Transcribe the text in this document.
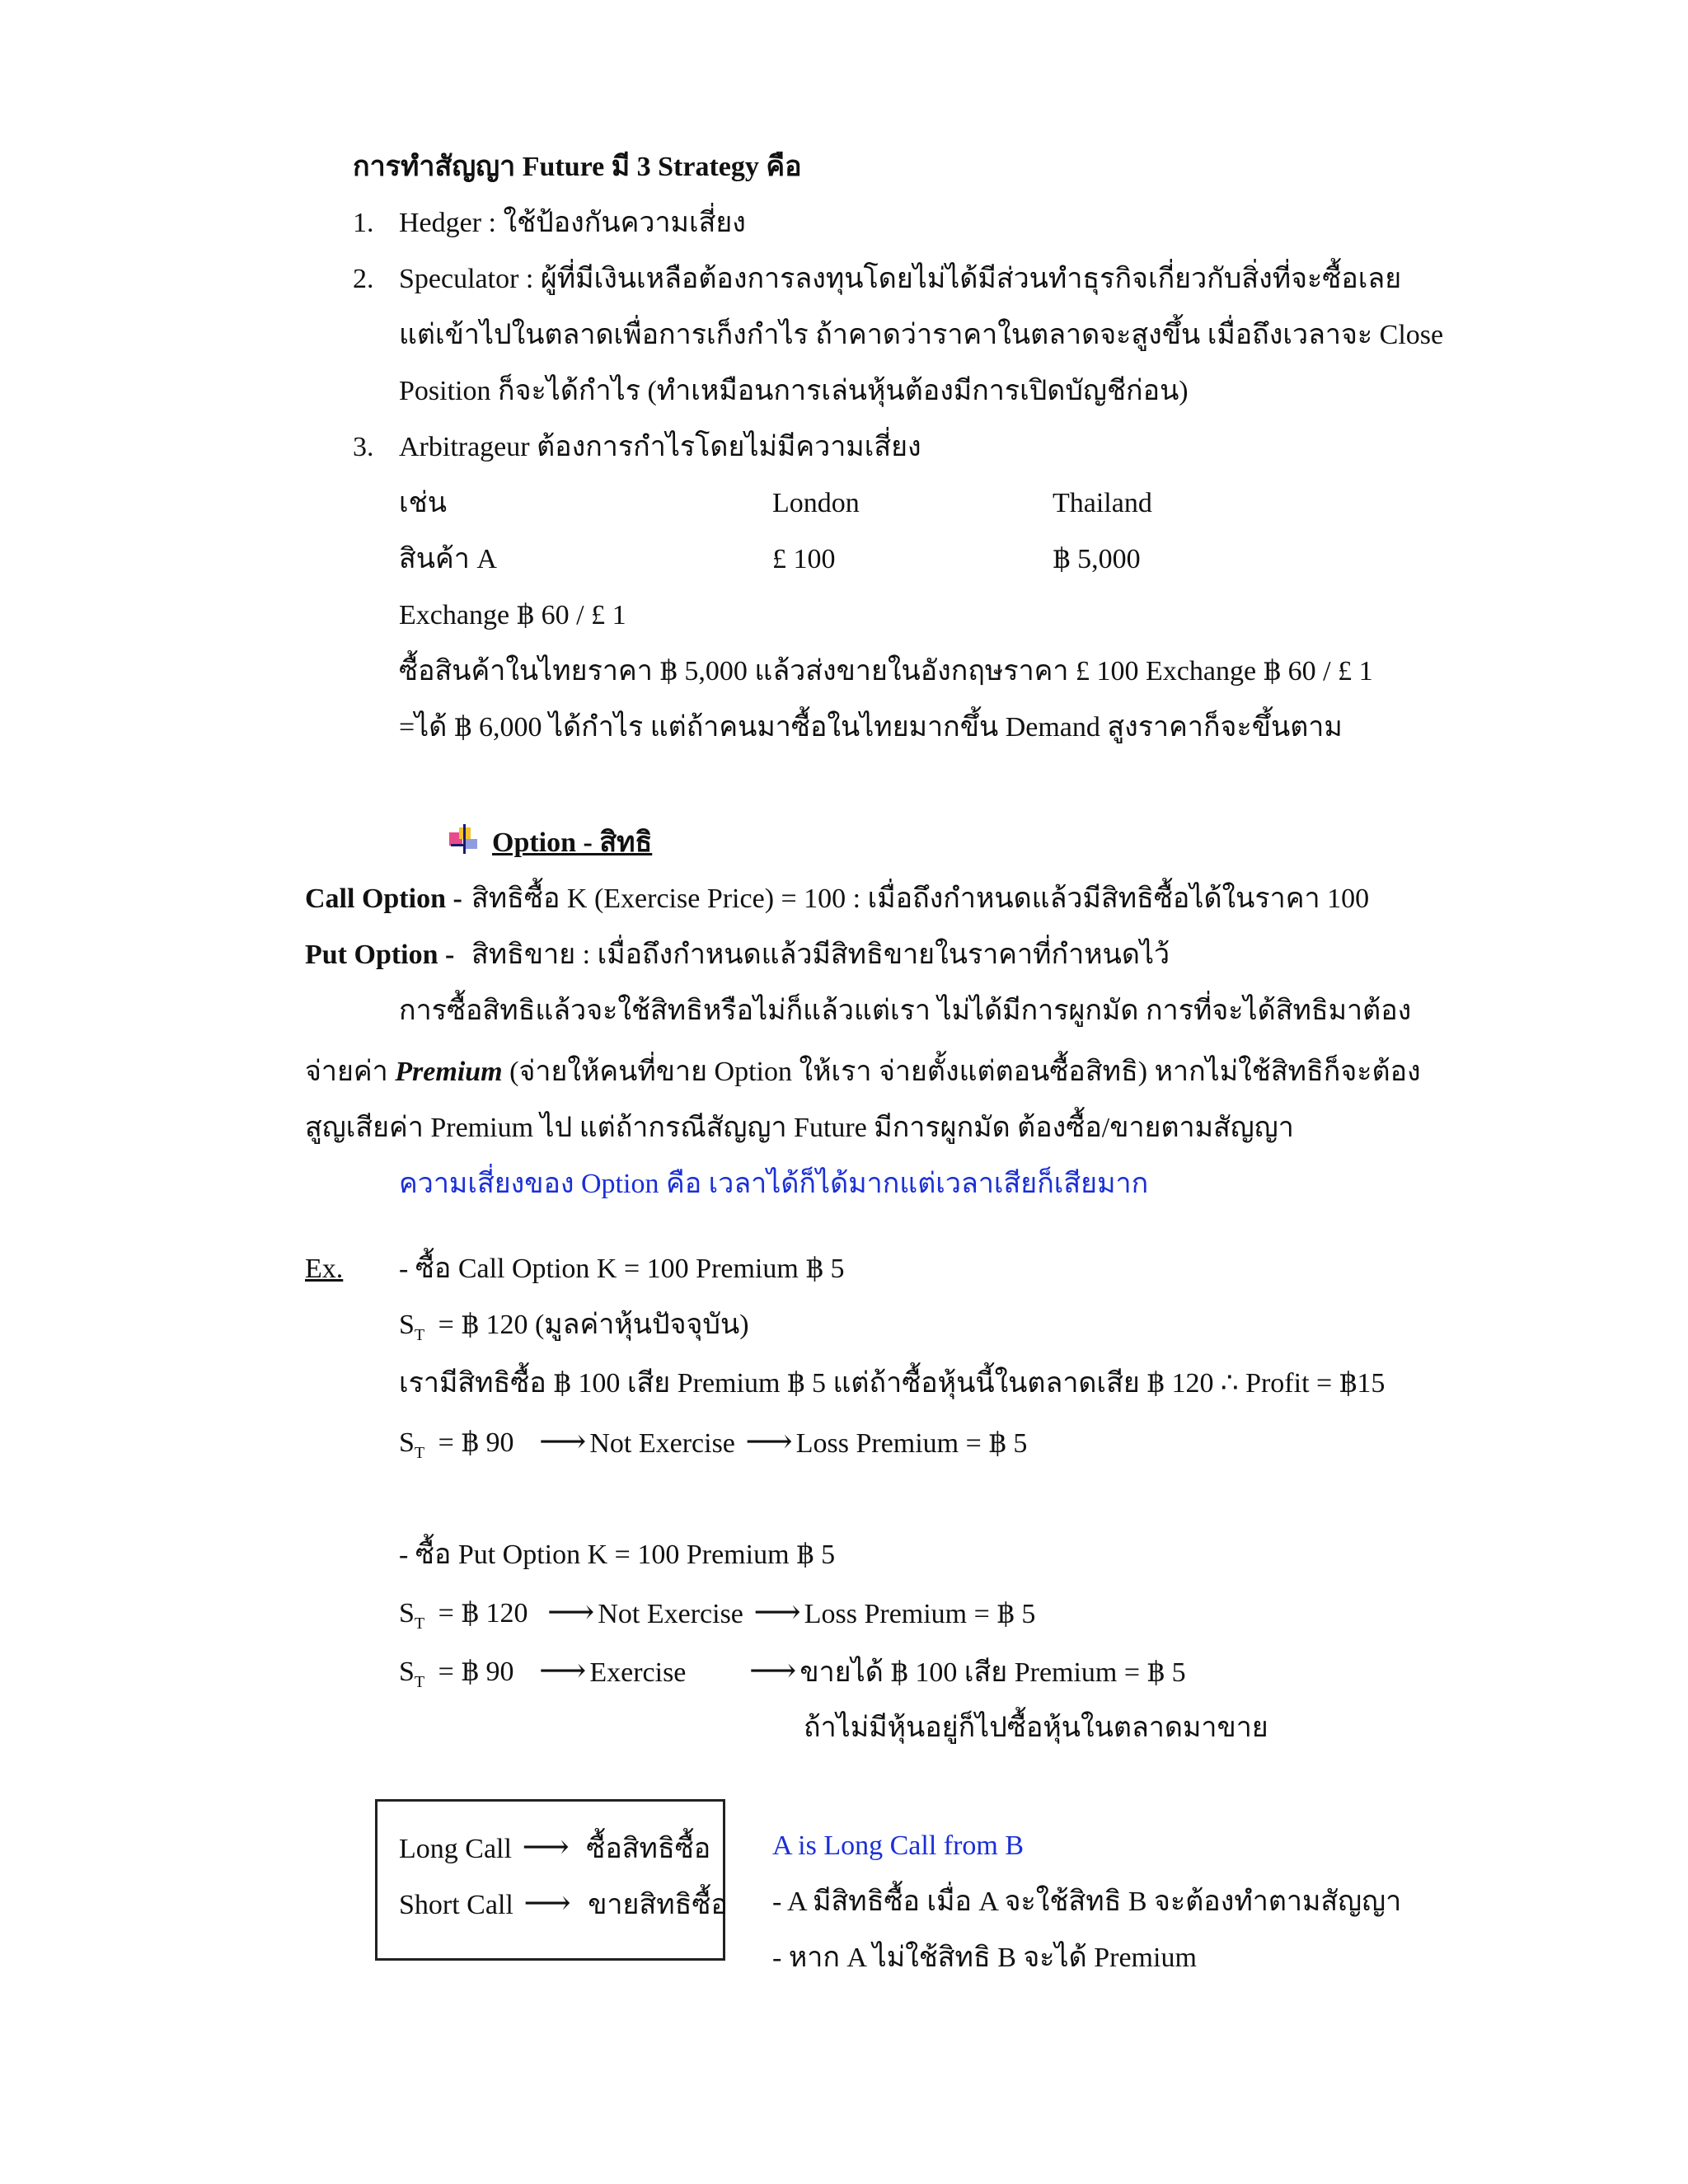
การทำสัญญา Future มี 3 Strategy คือ
1. Hedger : ใช้ป้องกันความเสี่ยง
2. Speculator : ผู้ที่มีเงินเหลือต้องการลงทุนโดยไม่ได้มีส่วนทำธุรกิจเกี่ยวกับสิ่งที่จะซื้อเลย
แต่เข้าไปในตลาดเพื่อการเก็งกำไร ถ้าคาดว่าราคาในตลาดจะสูงขึ้น เมื่อถึงเวลาจะ Close
Position ก็จะได้กำไร (ทำเหมือนการเล่นหุ้นต้องมีการเปิดบัญชีก่อน)
3. Arbitrageur ต้องการกำไรโดยไม่มีความเสี่ยง
เช่น	London	Thailand
สินค้า A	£ 100	฿ 5,000
Exchange ฿ 60 / £ 1
ซื้อสินค้าในไทยราคา ฿ 5,000 แล้วส่งขายในอังกฤษราคา £ 100 Exchange ฿ 60 / £ 1
=ได้ ฿ 6,000 ได้กำไร แต่ถ้าคนมาซื้อในไทยมากขึ้น Demand สูงราคาก็จะขึ้นตาม
Option - สิทธิ
Call Option - สิทธิซื้อ K (Exercise Price) = 100 : เมื่อถึงกำหนดแล้วมีสิทธิซื้อได้ในราคา 100
Put Option - สิทธิขาย : เมื่อถึงกำหนดแล้วมีสิทธิขายในราคาที่กำหนดไว้
การซื้อสิทธิแล้วจะใช้สิทธิหรือไม่ก็แล้วแต่เรา ไม่ได้มีการผูกมัด การที่จะได้สิทธิมาต้อง
จ่ายค่า Premium (จ่ายให้คนที่ขาย Option ให้เรา จ่ายตั้งแต่ตอนซื้อสิทธิ) หากไม่ใช้สิทธิก็จะต้อง
สูญเสียค่า Premium ไป แต่ถ้ากรณีสัญญา Future มีการผูกมัด ต้องซื้อ/ขายตามสัญญา
ความเสี่ยงของ Option คือ เวลาได้ก็ได้มากแต่เวลาเสียก็เสียมาก
Ex. - ซื้อ Call Option K = 100 Premium ฿ 5
$S_T$ = ฿ 120 (มูลค่าหุ้นปัจจุบัน)
เรามีสิทธิซื้อ ฿ 100 เสีย Premium ฿ 5 แต่ถ้าซื้อหุ้นนี้ในตลาดเสีย ฿ 120 ∴ Profit = ฿15
$S_T$ = ฿ 90 ⟶ Not Exercise ⟶ Loss Premium = ฿ 5
- ซื้อ Put Option K = 100 Premium ฿ 5
$S_T$ = ฿ 120 ⟶ Not Exercise ⟶ Loss Premium = ฿ 5
$S_T$ = ฿ 90 ⟶ Exercise ⟶ ขายได้ ฿ 100 เสีย Premium = ฿ 5
ถ้าไม่มีหุ้นอยู่ก็ไปซื้อหุ้นในตลาดมาขาย
Long Call ⟶ ซื้อสิทธิซื้อ
Short Call ⟶ ขายสิทธิซื้อ
A is Long Call from B
- A มีสิทธิซื้อ เมื่อ A จะใช้สิทธิ B จะต้องทำตามสัญญา
- หาก A ไม่ใช้สิทธิ B จะได้ Premium
